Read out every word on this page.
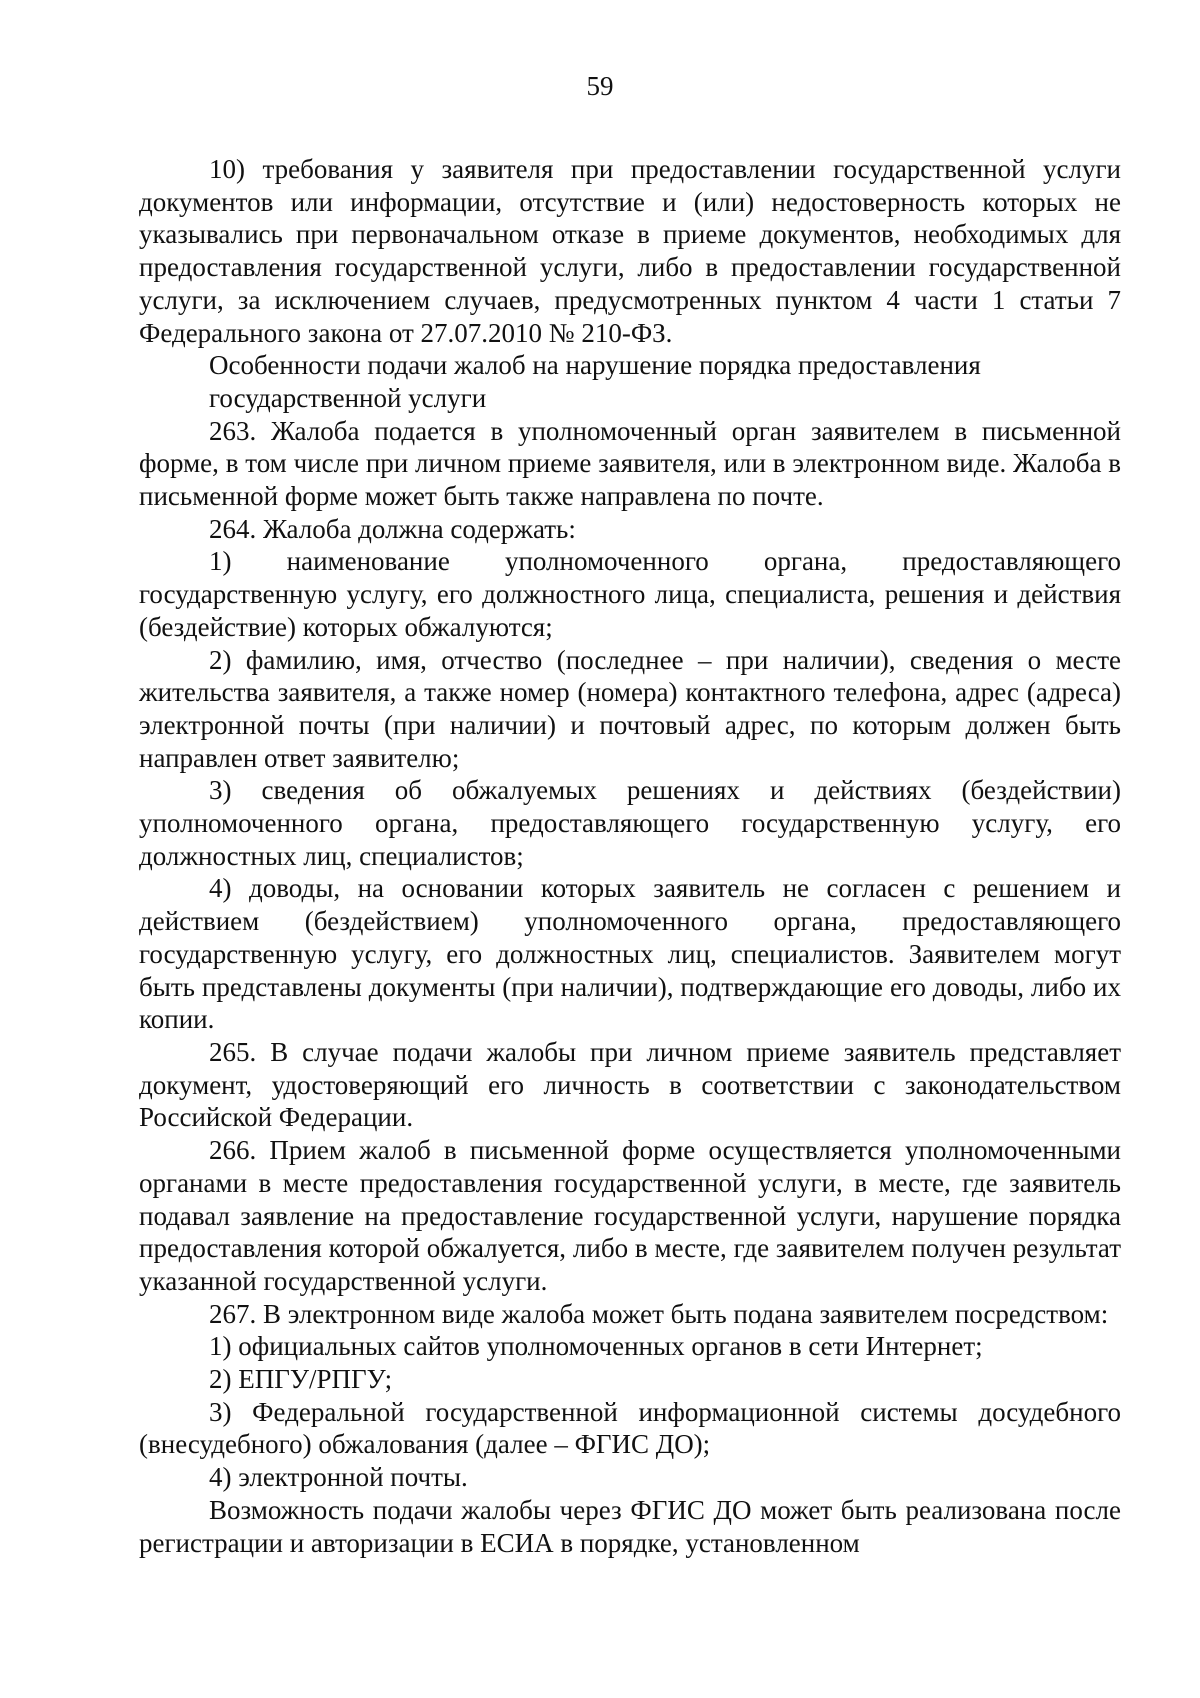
59

10) требования у заявителя при предоставлении государственной услуги документов или информации, отсутствие и (или) недостоверность которых не указывались при первоначальном отказе в приеме документов, необходимых для предоставления государственной услуги, либо в предоставлении государственной услуги, за исключением случаев, предусмотренных пунктом 4 части 1 статьи 7 Федерального закона от 27.07.2010 № 210-ФЗ.

Особенности подачи жалоб на нарушение порядка предоставления
государственной услуги

263. Жалоба подается в уполномоченный орган заявителем в письменной форме, в том числе при личном приеме заявителя, или в электронном виде. Жалоба в письменной форме может быть также направлена по почте.

264. Жалоба должна содержать:

1) наименование уполномоченного органа, предоставляющего государственную услугу, его должностного лица, специалиста, решения и действия (бездействие) которых обжалуются;

2) фамилию, имя, отчество (последнее – при наличии), сведения о месте жительства заявителя, а также номер (номера) контактного телефона, адрес (адреса) электронной почты (при наличии) и почтовый адрес, по которым должен быть направлен ответ заявителю;

3) сведения об обжалуемых решениях и действиях (бездействии) уполномоченного органа, предоставляющего государственную услугу, его должностных лиц, специалистов;

4) доводы, на основании которых заявитель не согласен с решением и действием (бездействием) уполномоченного органа, предоставляющего государственную услугу, его должностных лиц, специалистов. Заявителем могут быть представлены документы (при наличии), подтверждающие его доводы, либо их копии.

265. В случае подачи жалобы при личном приеме заявитель представляет документ, удостоверяющий его личность в соответствии с законодательством Российской Федерации.

266. Прием жалоб в письменной форме осуществляется уполномоченными органами в месте предоставления государственной услуги, в месте, где заявитель подавал заявление на предоставление государственной услуги, нарушение порядка предоставления которой обжалуется, либо в месте, где заявителем получен результат указанной государственной услуги.

267. В электронном виде жалоба может быть подана заявителем посредством:

1) официальных сайтов уполномоченных органов в сети Интернет;

2) ЕПГУ/РПГУ;

3) Федеральной государственной информационной системы досудебного (внесудебного) обжалования (далее – ФГИС ДО);

4) электронной почты.

Возможность подачи жалобы через ФГИС ДО может быть реализована после регистрации и авторизации в ЕСИА в порядке, установленном
